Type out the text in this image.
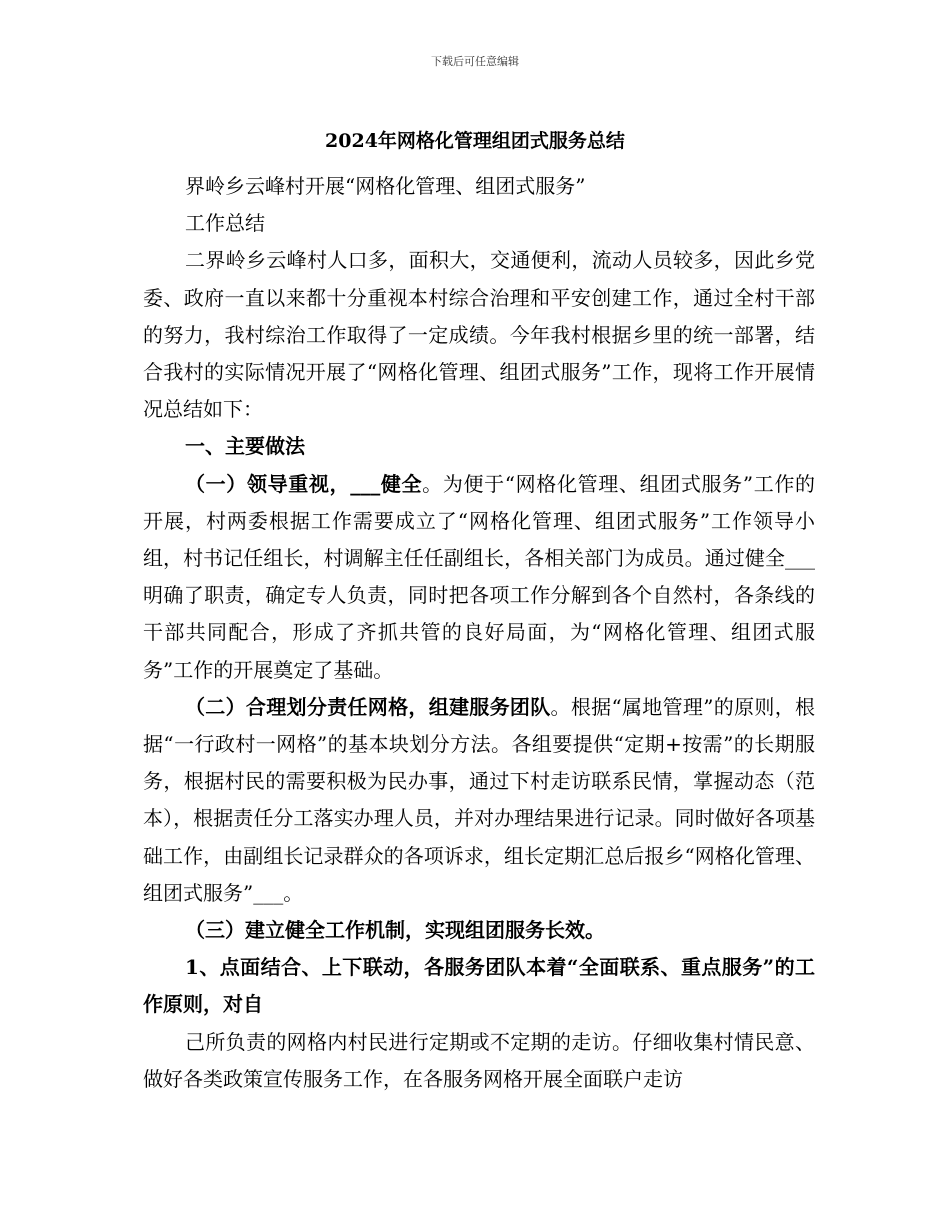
下载后可任意编辑
2024年网格化管理组团式服务总结

界岭乡云峰村开展“网格化管理、组团式服务”

工作总结

二界岭乡云峰村人口多，面积大，交通便利，流动人员较多，因此乡党委、政府一直以来都十分重视本村综合治理和平安创建工作，通过全村干部的努力，我村综治工作取得了一定成绩。今年我村根据乡里的统一部署，结合我村的实际情况开展了“网格化管理、组团式服务”工作，现将工作开展情况总结如下：

一、主要做法

（一）领导重视，___健全。为便于“网格化管理、组团式服务”工作的开展，村两委根据工作需要成立了“网格化管理、组团式服务”工作领导小组，村书记任组长，村调解主任任副组长，各相关部门为成员。通过健全___明确了职责，确定专人负责，同时把各项工作分解到各个自然村，各条线的干部共同配合，形成了齐抓共管的良好局面，为“网格化管理、组团式服务”工作的开展奠定了基础。

（二）合理划分责任网格，组建服务团队。根据“属地管理”的原则，根据“一行政村一网格”的基本块划分方法。各组要提供“定期+按需”的长期服务，根据村民的需要积极为民办事，通过下村走访联系民情，掌握动态（范本），根据责任分工落实办理人员，并对办理结果进行记录。同时做好各项基础工作，由副组长记录群众的各项诉求，组长定期汇总后报乡“网格化管理、组团式服务”___。

（三）建立健全工作机制，实现组团服务长效。

1、点面结合、上下联动，各服务团队本着“全面联系、重点服务”的工作原则，对自

己所负责的网格内村民进行定期或不定期的走访。仔细收集村情民意、做好各类政策宣传服务工作，在各服务网格开展全面联户走访
